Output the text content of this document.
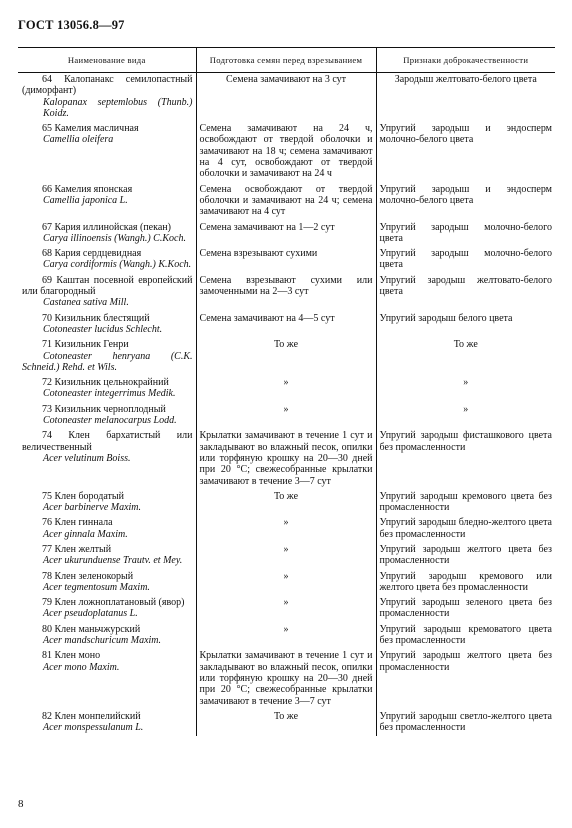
ГОСТ 13056.8—97
Наименование вида	Подготовка семян перед взрезыванием	Признаки доброкачественности

64 Калопанакс семилопастный (диморфант)
Kalopanax septemlobus (Thunb.) Koidz.	Семена замачивают на 3 сут	Зародыш желтовато-белого цвета

65 Камелия масличная
Camellia oleifera	Семена замачивают на 24 ч, освобождают от твердой оболочки и замачивают на 18 ч; семена замачивают на 4 сут, освобождают от твердой оболочки и замачивают на 24 ч	Упругий зародыш и эндосперм молочно-белого цвета

66 Камелия японская
Camellia japonica L.	Семена освобождают от твердой оболочки и замачивают на 24 ч; семена замачивают на 4 сут	Упругий зародыш и эндосперм молочно-белого цвета

67 Кария иллинойская (пекан)
Carya illinoensis (Wangh.) C.Koch.	Семена замачивают на 1—2 сут	Упругий зародыш молочно-белого цвета

68 Кария сердцевидная
Carya cordiformis (Wangh.) K.Koch.	Семена взрезывают сухими	Упругий зародыш молочно-белого цвета

69 Каштан посевной европейский или благородный
Castanea sativa Mill.	Семена взрезывают сухими или замоченными на 2—3 сут	Упругий зародыш желтовато-белого цвета

70 Кизильник блестящий
Cotoneaster lucidus Schlecht.	Семена замачивают на 4—5 сут	Упругий зародыш белого цвета

71 Кизильник Генри
Cotoneaster henryana (C.K. Schneid.) Rehd. et Wils.	То же	То же

72 Кизильник цельнокрайний
Cotoneaster integerrimus Medik.	»	»

73 Кизильник черноплодный
Cotoneaster melanocarpus Lodd.	»	»

74 Клен бархатистый или величественный
Acer velutinum Boiss.	Крылатки замачивают в течение 1 сут и закладывают во влажный песок, опилки или торфяную крошку на 20—30 дней при 20 °С; свежесобранные крылатки замачивают в течение 3—7 сут	Упругий зародыш фисташкового цвета без промасленности

75 Клен бородатый
Acer barbinerve Maxim.	То же	Упругий зародыш кремового цвета без промасленности

76 Клен гиннала
Acer ginnala Maxim.	»	Упругий зародыш бледно-желтого цвета без промасленности

77 Клен желтый
Acer ukurunduense Trautv. et Mey.	»	Упругий зародыш желтого цвета без промасленности

78 Клен зеленокорый
Acer tegmentosum Maxim.	»	Упругий зародыш кремового или желтого цвета без промасленности

79 Клен ложноплатановый (явор)
Acer pseudoplatanus L.	»	Упругий зародыш зеленого цвета без промасленности

80 Клен маньчжурский
Acer mandschuricum Maxim.	»	Упругий зародыш кремоватого цвета без промасленности

81 Клен моно
Acer mono Maxim.	Крылатки замачивают в течение 1 сут и закладывают во влажный песок, опилки или торфяную крошку на 20—30 дней при 20 °С; свежесобранные крылатки замачивают в течение 3—7 сут	Упругий зародыш желтого цвета без промасленности

82 Клен монпелийский
Acer monspessulanum L.	То же	Упругий зародыш светло-желтого цвета без промасленности
8
